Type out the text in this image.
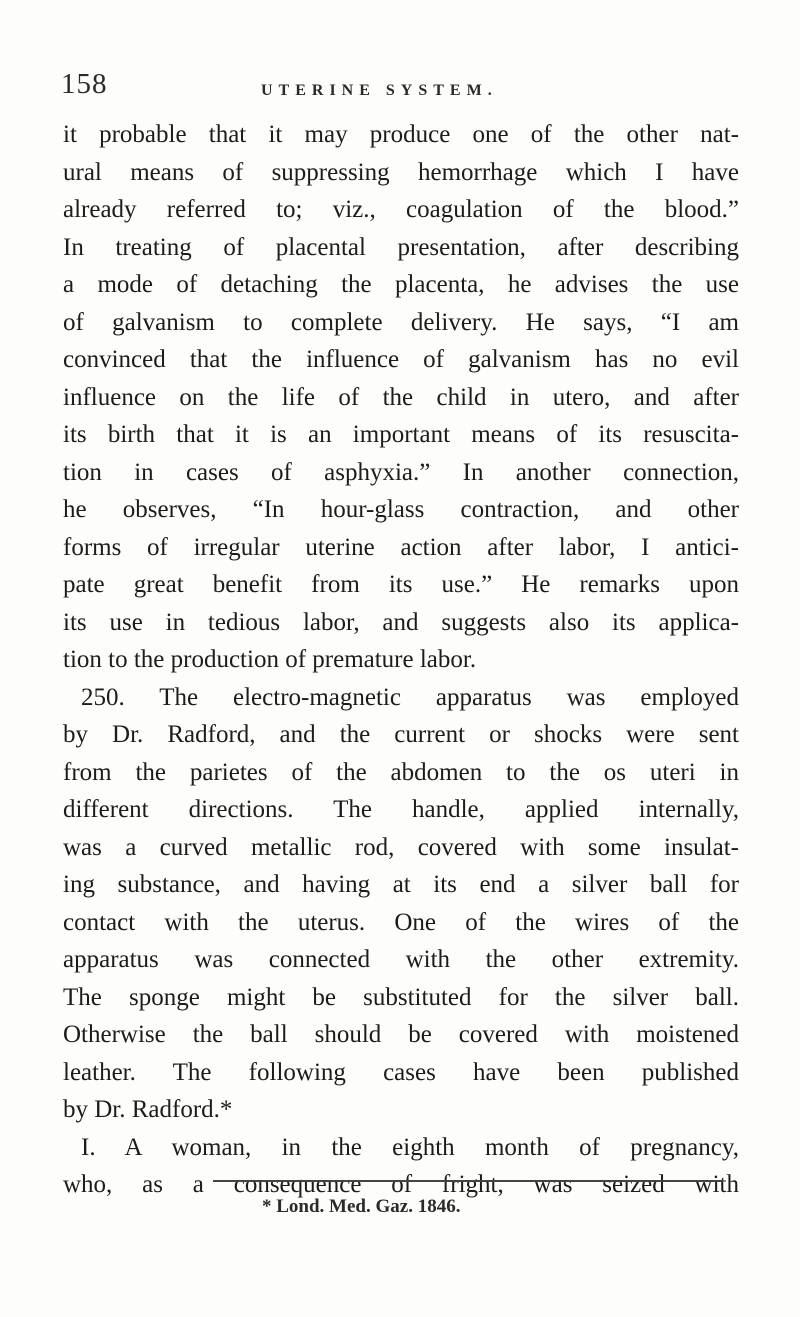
158	UTERINE SYSTEM.
it probable that it may produce one of the other nat-
ural means of suppressing hemorrhage which I have
already referred to; viz., coagulation of the blood.”
In treating of placental presentation, after describing
a mode of detaching the placenta, he advises the use
of galvanism to complete delivery. He says, “I am
convinced that the influence of galvanism has no evil
influence on the life of the child in utero, and after
its birth that it is an important means of its resuscita-
tion in cases of asphyxia.” In another connection,
he observes, “In hour-glass contraction, and other
forms of irregular uterine action after labor, I antici-
pate great benefit from its use.” He remarks upon
its use in tedious labor, and suggests also its applica-
tion to the production of premature labor.
250. The electro-magnetic apparatus was employed
by Dr. Radford, and the current or shocks were sent
from the parietes of the abdomen to the os uteri in
different directions. The handle, applied internally,
was a curved metallic rod, covered with some insulat-
ing substance, and having at its end a silver ball for
contact with the uterus. One of the wires of the
apparatus was connected with the other extremity.
The sponge might be substituted for the silver ball.
Otherwise the ball should be covered with moistened
leather. The following cases have been published
by Dr. Radford.*
I. A woman, in the eighth month of pregnancy,
who, as a consequence of fright, was seized with
* Lond. Med. Gaz. 1846.
